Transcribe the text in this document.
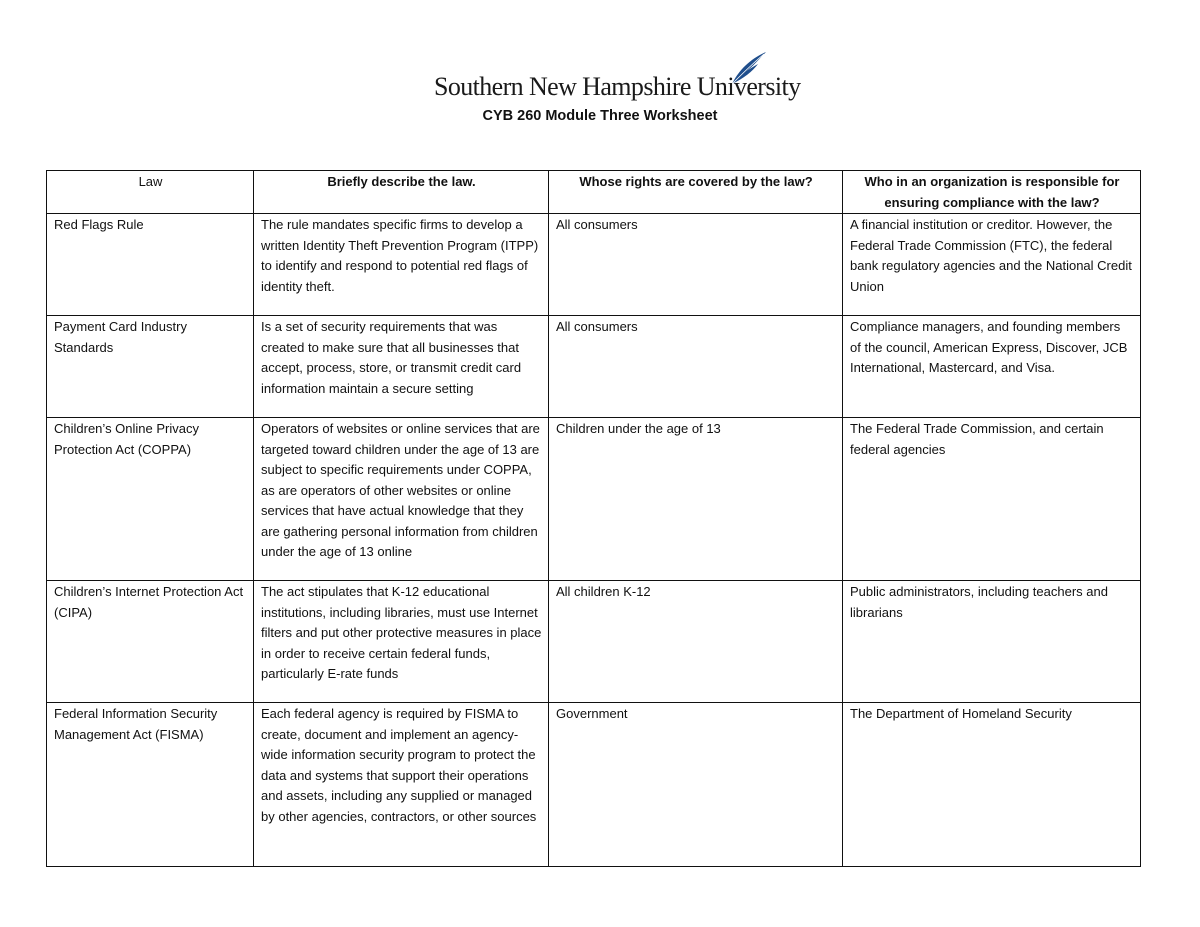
Southern New Hampshire University
CYB 260 Module Three Worksheet
Law	Briefly describe the law.	Whose rights are covered by the law?	Who in an organization is responsible for ensuring compliance with the law?
Red Flags Rule	The rule mandates specific firms to develop a written Identity Theft Prevention Program (ITPP) to identify and respond to potential red flags of identity theft.	All consumers	A financial institution or creditor. However, the Federal Trade Commission (FTC), the federal bank regulatory agencies and the National Credit Union
Payment Card Industry Standards	Is a set of security requirements that was created to make sure that all businesses that accept, process, store, or transmit credit card information maintain a secure setting	All consumers	Compliance managers, and founding members of the council, American Express, Discover, JCB International, Mastercard, and Visa.
Children’s Online Privacy Protection Act (COPPA)	Operators of websites or online services that are targeted toward children under the age of 13 are subject to specific requirements under COPPA, as are operators of other websites or online services that have actual knowledge that they are gathering personal information from children under the age of 13 online	Children under the age of 13	The Federal Trade Commission, and certain federal agencies
Children’s Internet Protection Act (CIPA)	The act stipulates that K-12 educational institutions, including libraries, must use Internet filters and put other protective measures in place in order to receive certain federal funds, particularly E-rate funds	All children K-12	Public administrators, including teachers and librarians
Federal Information Security Management Act (FISMA)	Each federal agency is required by FISMA to create, document and implement an agency-wide information security program to protect the data and systems that support their operations and assets, including any supplied or managed by other agencies, contractors, or other sources	Government	The Department of Homeland Security
